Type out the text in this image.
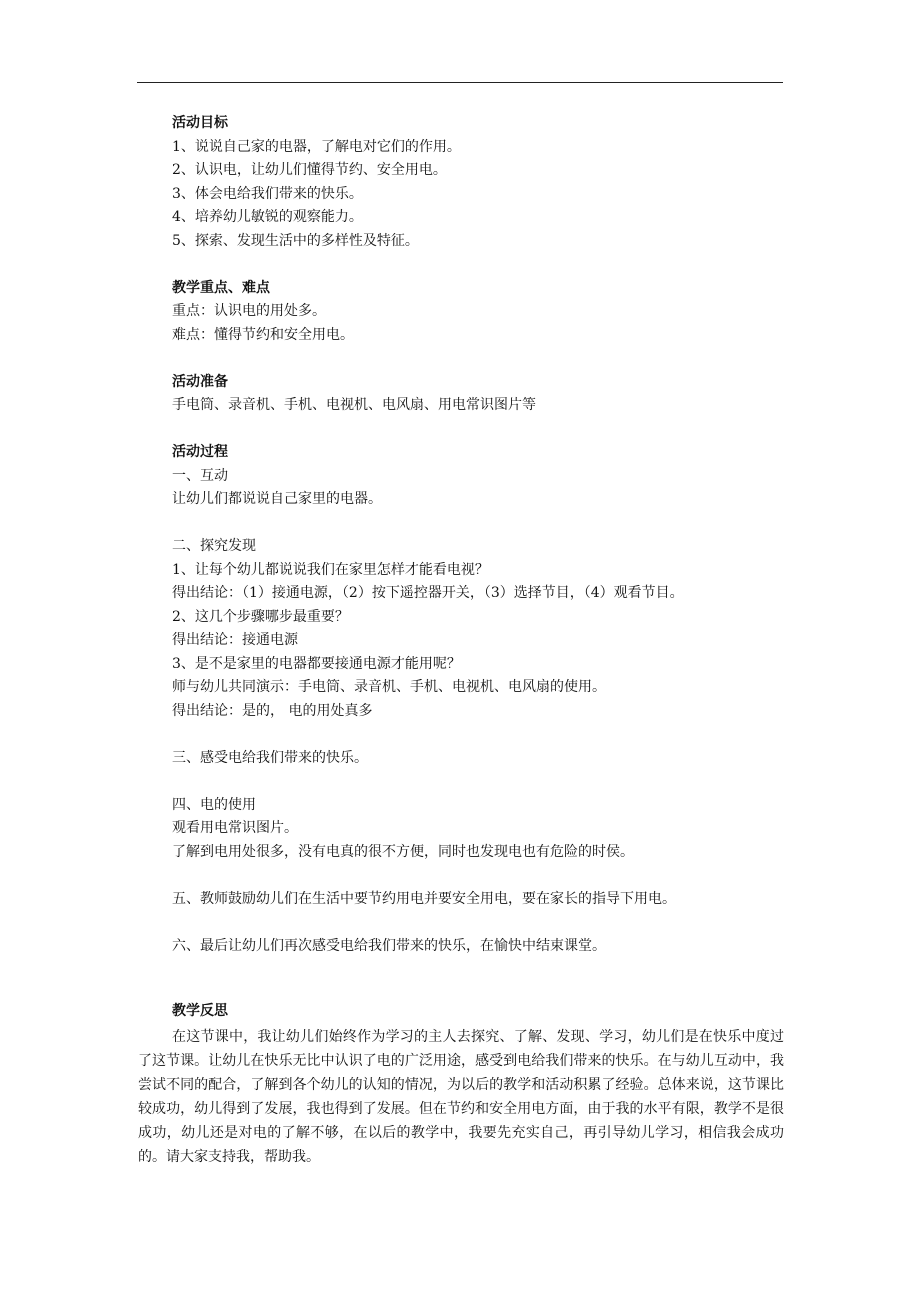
活动目标

1、说说自己家的电器，了解电对它们的作用。

2、认识电，让幼儿们懂得节约、安全用电。

3、体会电给我们带来的快乐。

4、培养幼儿敏锐的观察能力。

5、探索、发现生活中的多样性及特征。

教学重点、难点

重点：认识电的用处多。

难点：懂得节约和安全用电。

活动准备

手电筒、录音机、手机、电视机、电风扇、用电常识图片等

活动过程

一、互动

让幼儿们都说说自己家里的电器。

二、探究发现

1、让每个幼儿都说说我们在家里怎样才能看电视？

得出结论：（1）接通电源，（2）按下遥控器开关，（3）选择节目，（4）观看节目。

2、这几个步骤哪步最重要？

得出结论：接通电源

3、是不是家里的电器都要接通电源才能用呢？

师与幼儿共同演示：手电筒、录音机、手机、电视机、电风扇的使用。

得出结论：是的， 电的用处真多

三、感受电给我们带来的快乐。

四、电的使用

观看用电常识图片。

了解到电用处很多，没有电真的很不方便，同时也发现电也有危险的时侯。

五、教师鼓励幼儿们在生活中要节约用电并要安全用电，要在家长的指导下用电。

六、最后让幼儿们再次感受电给我们带来的快乐，在愉快中结束课堂。

教学反思

在这节课中，我让幼儿们始终作为学习的主人去探究、了解、发现、学习，幼儿们是在快乐中度过了这节课。让幼儿在快乐无比中认识了电的广泛用途，感受到电给我们带来的快乐。在与幼儿互动中，我尝试不同的配合，了解到各个幼儿的认知的情况，为以后的教学和活动积累了经验。总体来说，这节课比较成功，幼儿得到了发展，我也得到了发展。但在节约和安全用电方面，由于我的水平有限，教学不是很成功，幼儿还是对电的了解不够，在以后的教学中，我要先充实自己，再引导幼儿学习，相信我会成功的。请大家支持我，帮助我。
